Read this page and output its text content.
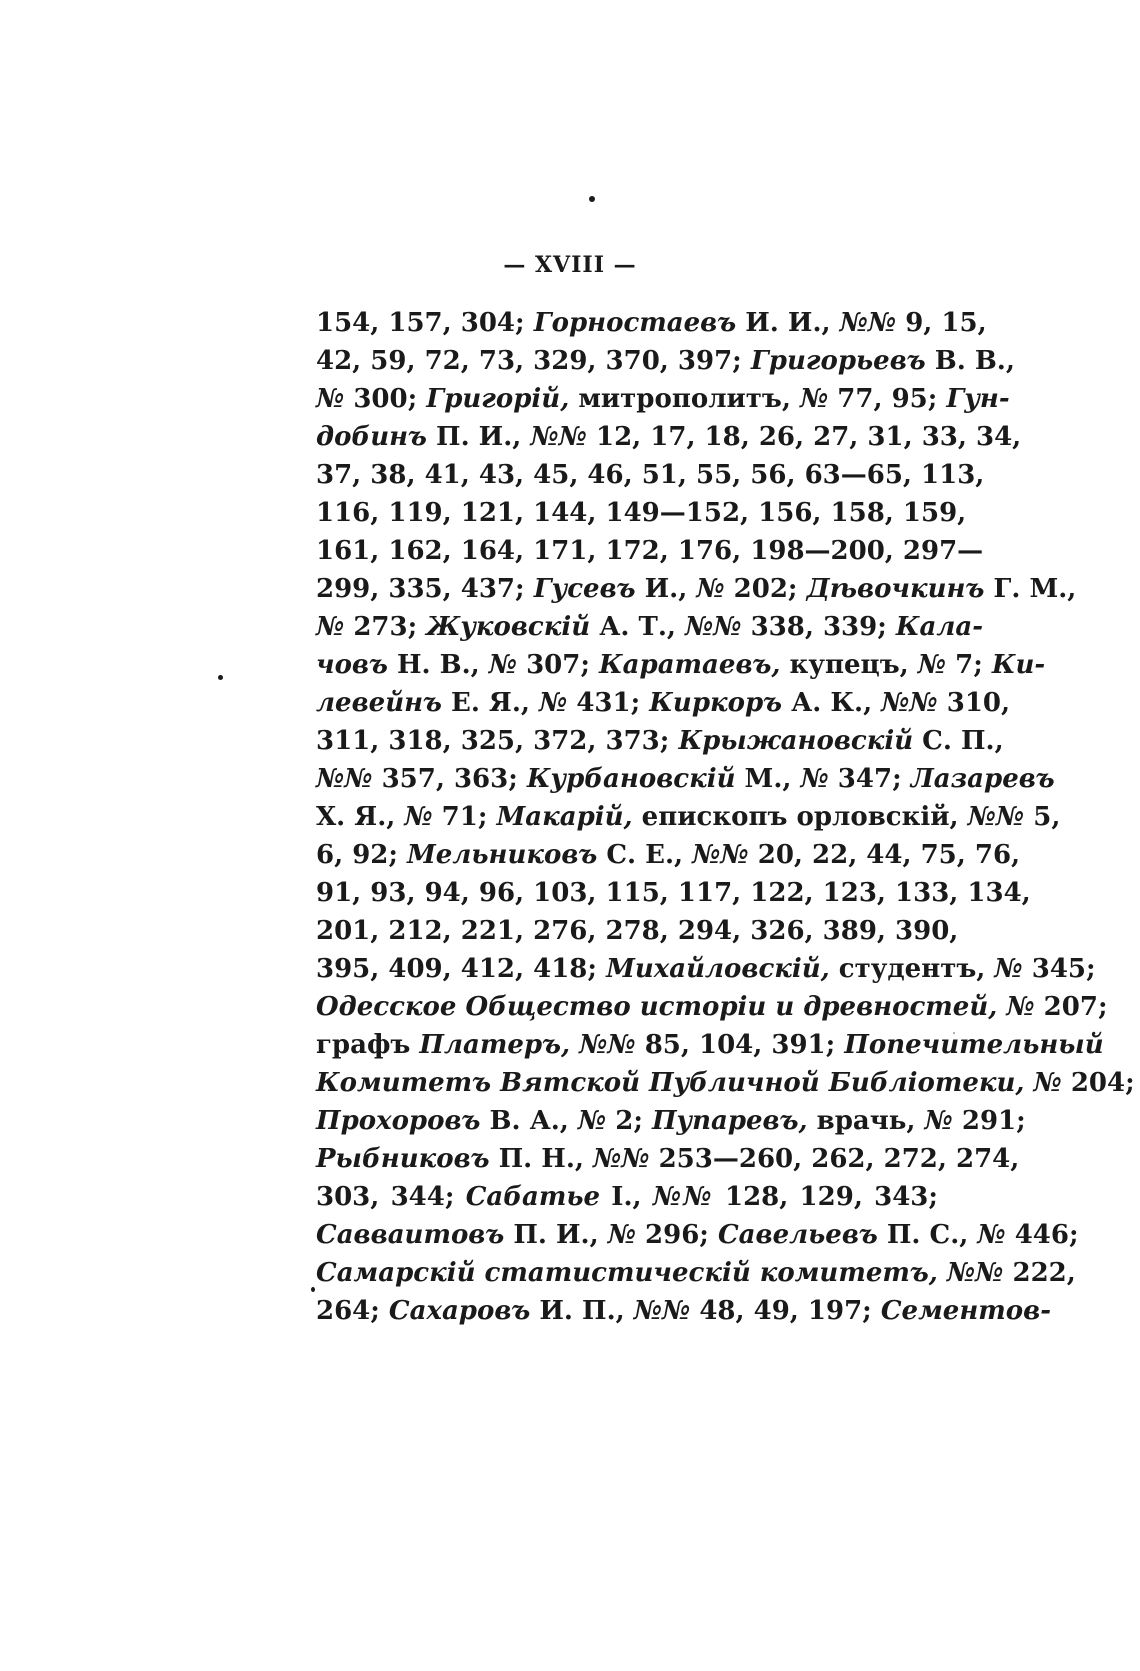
— XVIII —
154, 157, 304; Горностаевъ И. И., №№ 9, 15,
42, 59, 72, 73, 329, 370, 397; Григорьевъ В. В.,
№ 300; Григорій, митрополитъ, № 77, 95; Гун-
добинъ П. И., №№ 12, 17, 18, 26, 27, 31, 33, 34,
37, 38, 41, 43, 45, 46, 51, 55, 56, 63—65, 113,
116, 119, 121, 144, 149—152, 156, 158, 159,
161, 162, 164, 171, 172, 176, 198—200, 297—
299, 335, 437; Гусевъ И., № 202; Дѣвочкинъ Г. М.,
№ 273; Жуковскій А. Т., №№ 338, 339; Кала-
човъ Н. В., № 307; Каратаевъ, купецъ, № 7; Ки-
левейнъ Е. Я., № 431; Киркоръ А. К., №№ 310,
311, 318, 325, 372, 373; Крыжановскій С. П.,
№№ 357, 363; Курбановскій М., № 347; Лазаревъ
Х. Я., № 71; Макарій, епископъ орловскій, №№ 5,
6, 92; Мельниковъ С. Е., №№ 20, 22, 44, 75, 76,
91, 93, 94, 96, 103, 115, 117, 122, 123, 133, 134,
201, 212, 221, 276, 278, 294, 326, 389, 390,
395, 409, 412, 418; Михайловскій, студентъ, № 345;
Одесское Общество исторіи и древностей, № 207;
графъ Платеръ, №№ 85, 104, 391; Попечительный
Комитетъ Вятской Публичной Библіотеки, № 204;
Прохоровъ В. А., № 2; Пупаревъ, врачь, № 291;
Рыбниковъ П. Н., №№ 253—260, 262, 272, 274,
303, 344; Сабатье I., №№ 128, 129, 343;
Савваитовъ П. И., № 296; Савельевъ П. С., № 446;
Самарскій статистическій комитетъ, №№ 222,
264; Сахаровъ И. П., №№ 48, 49, 197; Сементов-
